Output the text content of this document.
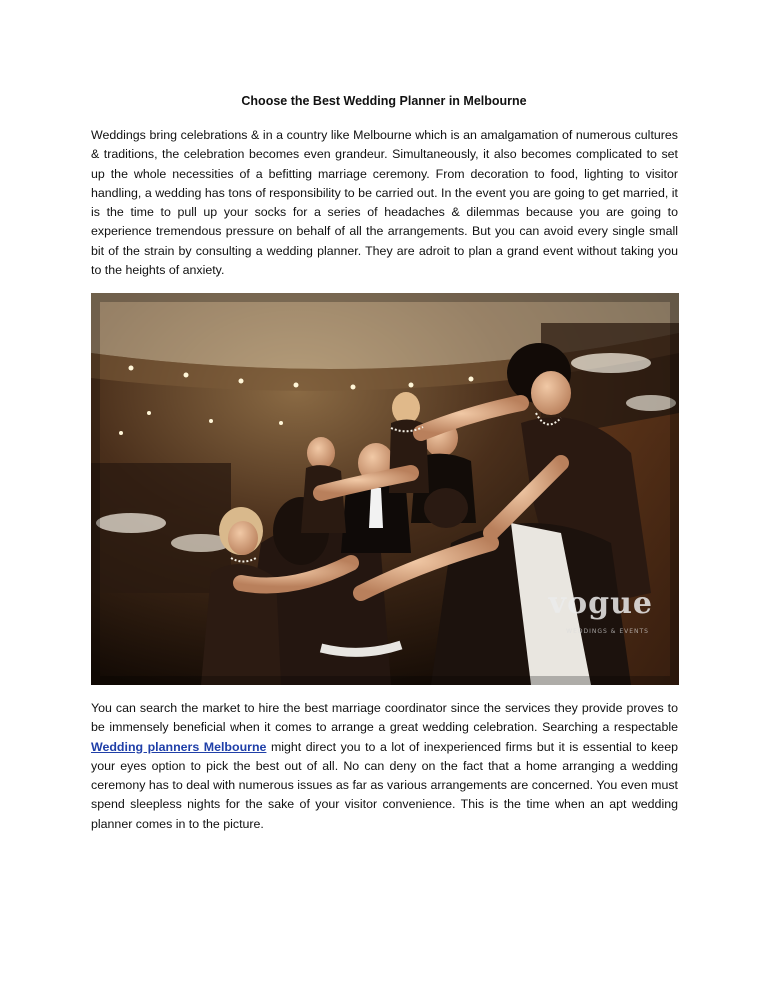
Choose the Best Wedding Planner in Melbourne

Weddings bring celebrations & in a country like Melbourne which is an amalgamation of numerous cultures & traditions, the celebration becomes even grandeur. Simultaneously, it also becomes complicated to set up the whole necessities of a befitting marriage ceremony. From decoration to food, lighting to visitor handling, a wedding has tons of responsibility to be carried out. In the event you are going to get married, it is the time to pull up your socks for a series of headaches & dilemmas because you are going to experience tremendous pressure on behalf of all the arrangements. But you can avoid every single small bit of the strain by consulting a wedding planner. They are adroit to plan a grand event without taking you to the heights of anxiety.

vogue
WEDDINGS & EVENTS

You can search the market to hire the best marriage coordinator since the services they provide proves to be immensely beneficial when it comes to arrange a great wedding celebration. Searching a respectable Wedding planners Melbourne might direct you to a lot of inexperienced firms but it is essential to keep your eyes option to pick the best out of all. No can deny on the fact that a home arranging a wedding ceremony has to deal with numerous issues as far as various arrangements are concerned. You even must spend sleepless nights for the sake of your visitor convenience. This is the time when an apt wedding planner comes in to the picture.
